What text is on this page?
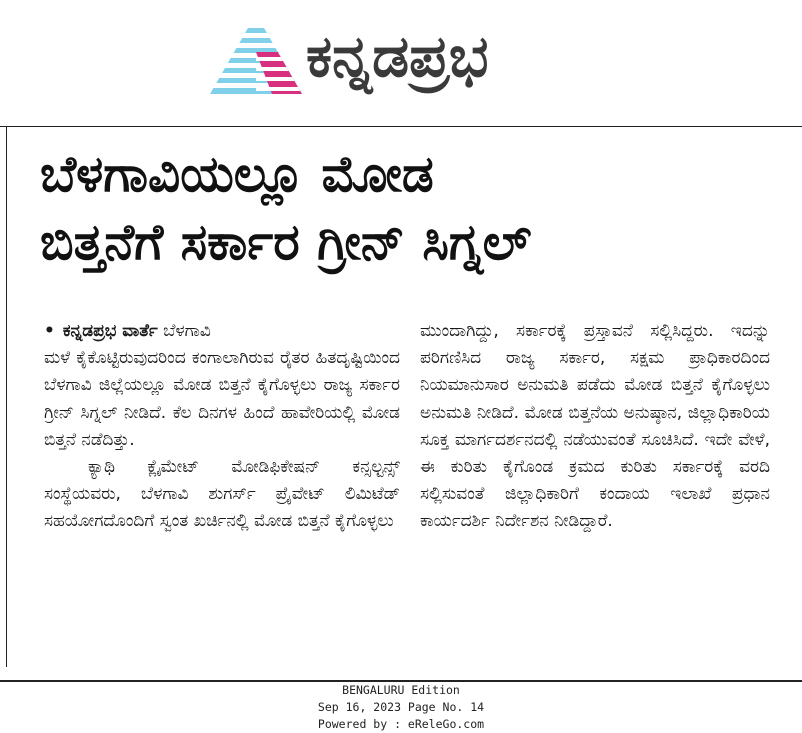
ಕನ್ನಡಪ್ರಭ
ಬೆಳಗಾವಿಯಲ್ಲೂ ಮೋಡ
ಬಿತ್ತನೆಗೆ ಸರ್ಕಾರ ಗ್ರೀನ್ ಸಿಗ್ನಲ್
• ಕನ್ನಡಪ್ರಭ ವಾರ್ತೆ ಬೆಳಗಾವಿ

ಮಳೆ ಕೈಕೊಟ್ಟಿರುವುದರಿಂದ ಕಂಗಾಲಾಗಿರುವ ರೈತರ ಹಿತದೃಷ್ಟಿಯಿಂದ ಬೆಳಗಾವಿ ಜಿಲ್ಲೆಯಲ್ಲೂ ಮೋಡ ಬಿತ್ತನೆ ಕೈಗೊಳ್ಳಲು ರಾಜ್ಯ ಸರ್ಕಾರ ಗ್ರೀನ್ ಸಿಗ್ನಲ್ ನೀಡಿದೆ. ಕೆಲ ದಿನಗಳ ಹಿಂದೆ ಹಾವೇರಿಯಲ್ಲಿ ಮೋಡ ಬಿತ್ತನೆ ನಡೆದಿತ್ತು.

ಕ್ಯಾಥಿ ಕ್ಲೈಮೇಟ್ ಮೋಡಿಫಿಕೇಷನ್ ಕನ್ಸಲ್ಟನ್ಸ್ ಸಂಸ್ಥೆಯವರು, ಬೆಳಗಾವಿ ಶುಗರ್ಸ್ ಪ್ರೈವೇಟ್ ಲಿಮಿಟೆಡ್ ಸಹಯೋಗದೊಂದಿಗೆ ಸ್ವಂತ ಖರ್ಚಿನಲ್ಲಿ ಮೋಡ ಬಿತ್ತನೆ ಕೈಗೊಳ್ಳಲು

ಮುಂದಾಗಿದ್ದು, ಸರ್ಕಾರಕ್ಕೆ ಪ್ರಸ್ತಾವನೆ ಸಲ್ಲಿಸಿದ್ದರು. ಇದನ್ನು ಪರಿಗಣಿಸಿದ ರಾಜ್ಯ ಸರ್ಕಾರ, ಸಕ್ಷಮ ಪ್ರಾಧಿಕಾರದಿಂದ ನಿಯಮಾನುಸಾರ ಅನುಮತಿ ಪಡೆದು ಮೋಡ ಬಿತ್ತನೆ ಕೈಗೊಳ್ಳಲು ಅನುಮತಿ ನೀಡಿದೆ. ಮೋಡ ಬಿತ್ತನೆಯ ಅನುಷ್ಠಾನ, ಜಿಲ್ಲಾಧಿಕಾರಿಯ ಸೂಕ್ತ ಮಾರ್ಗದರ್ಶನದಲ್ಲಿ ನಡೆಯುವಂತೆ ಸೂಚಿಸಿದೆ. ಇದೇ ವೇಳೆ, ಈ ಕುರಿತು ಕೈಗೊಂಡ ಕ್ರಮದ ಕುರಿತು ಸರ್ಕಾರಕ್ಕೆ ವರದಿ ಸಲ್ಲಿಸುವಂತೆ ಜಿಲ್ಲಾಧಿಕಾರಿಗೆ ಕಂದಾಯ ಇಲಾಖೆ ಪ್ರಧಾನ ಕಾರ್ಯದರ್ಶಿ ನಿರ್ದೇಶನ ನೀಡಿದ್ದಾರೆ.

BENGALURU Edition
Sep 16, 2023 Page No. 14
Powered by : eReleGo.com
